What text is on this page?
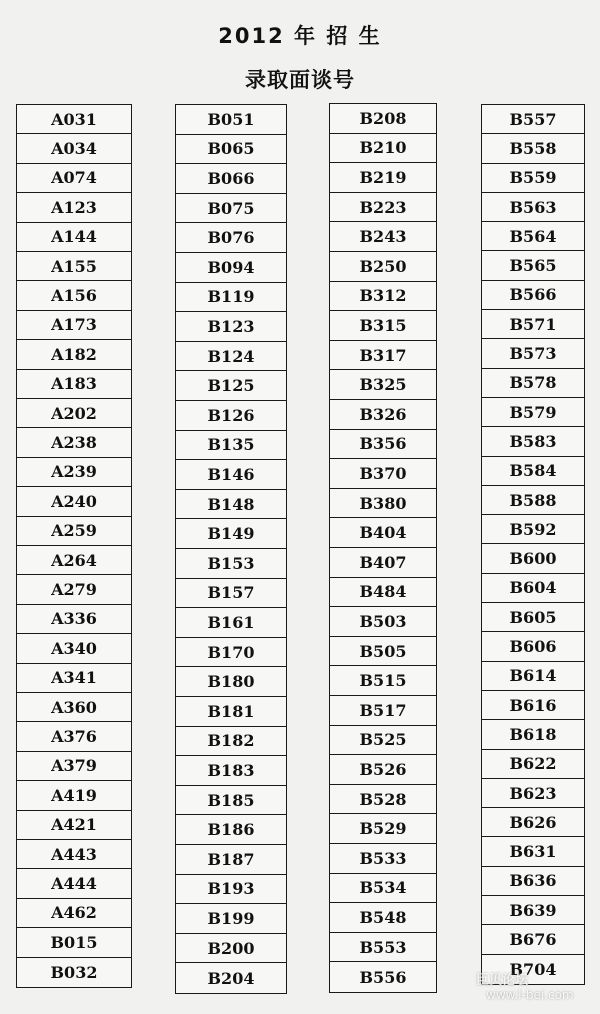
2012 年 招 生
录取面谈号
A031
A034
A074
A123
A144
A155
A156
A173
A182
A183
A202
A238
A239
A240
A259
A264
A279
A336
A340
A341
A360
A376
A379
A419
A421
A443
A444
A462
B015
B032
B051
B065
B066
B075
B076
B094
B119
B123
B124
B125
B126
B135
B146
B148
B149
B153
B157
B161
B170
B180
B181
B182
B183
B185
B186
B187
B193
B199
B200
B204
B208
B210
B219
B223
B243
B250
B312
B315
B317
B325
B326
B356
B370
B380
B404
B407
B484
B503
B505
B515
B517
B525
B526
B528
B529
B533
B534
B548
B553
B556
B557
B558
B559
B563
B564
B565
B566
B571
B573
B578
B579
B583
B584
B588
B592
B600
B604
B605
B606
B614
B616
B618
B622
B623
B626
B631
B636
B639
B676
B704
巨贝论坛
www.l-bei.com
